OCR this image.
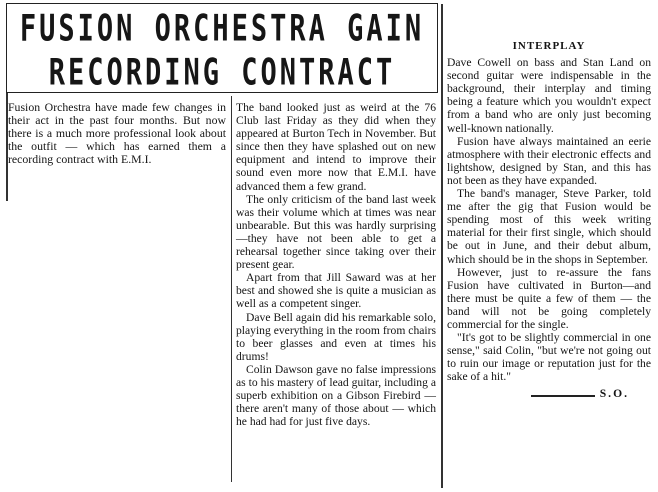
FUSION ORCHESTRA GAIN
RECORDING CONTRACT

Fusion Orchestra have made few changes in their act in the past four months. But now there is a much more professional look about the outfit — which has earned them a recording contract with E.M.I.

The band looked just as weird at the 76 Club last Friday as they did when they appeared at Burton Tech in November. But since then they have splashed out on new equipment and intend to improve their sound even more now that E.M.I. have advanced them a few grand.

The only criticism of the band last week was their volume which at times was near unbearable. But this was hardly surprising—they have not been able to get a rehearsal together since taking over their present gear.

Apart from that Jill Saward was at her best and showed she is quite a musician as well as a competent singer.

Dave Bell again did his remarkable solo, playing everything in the room from chairs to beer glasses and even at times his drums!

Colin Dawson gave no false impressions as to his mastery of lead guitar, including a superb exhibition on a Gibson Firebird — there aren't many of those about — which he had had for just five days.

INTERPLAY

Dave Cowell on bass and Stan Land on second guitar were indispensable in the background, their interplay and timing being a feature which you wouldn't expect from a band who are only just becoming well-known nationally.

Fusion have always maintained an eerie atmosphere with their electronic effects and lightshow, designed by Stan, and this has not been as they have expanded.

The band's manager, Steve Parker, told me after the gig that Fusion would be spending most of this week writing material for their first single, which should be out in June, and their debut album, which should be in the shops in September.

However, just to re-assure the fans Fusion have cultivated in Burton—and there must be quite a few of them — the band will not be going completely commercial for the single.

"It's got to be slightly commercial in one sense," said Colin, "but we're not going out to ruin our image or reputation just for the sake of a hit."

S.O.
